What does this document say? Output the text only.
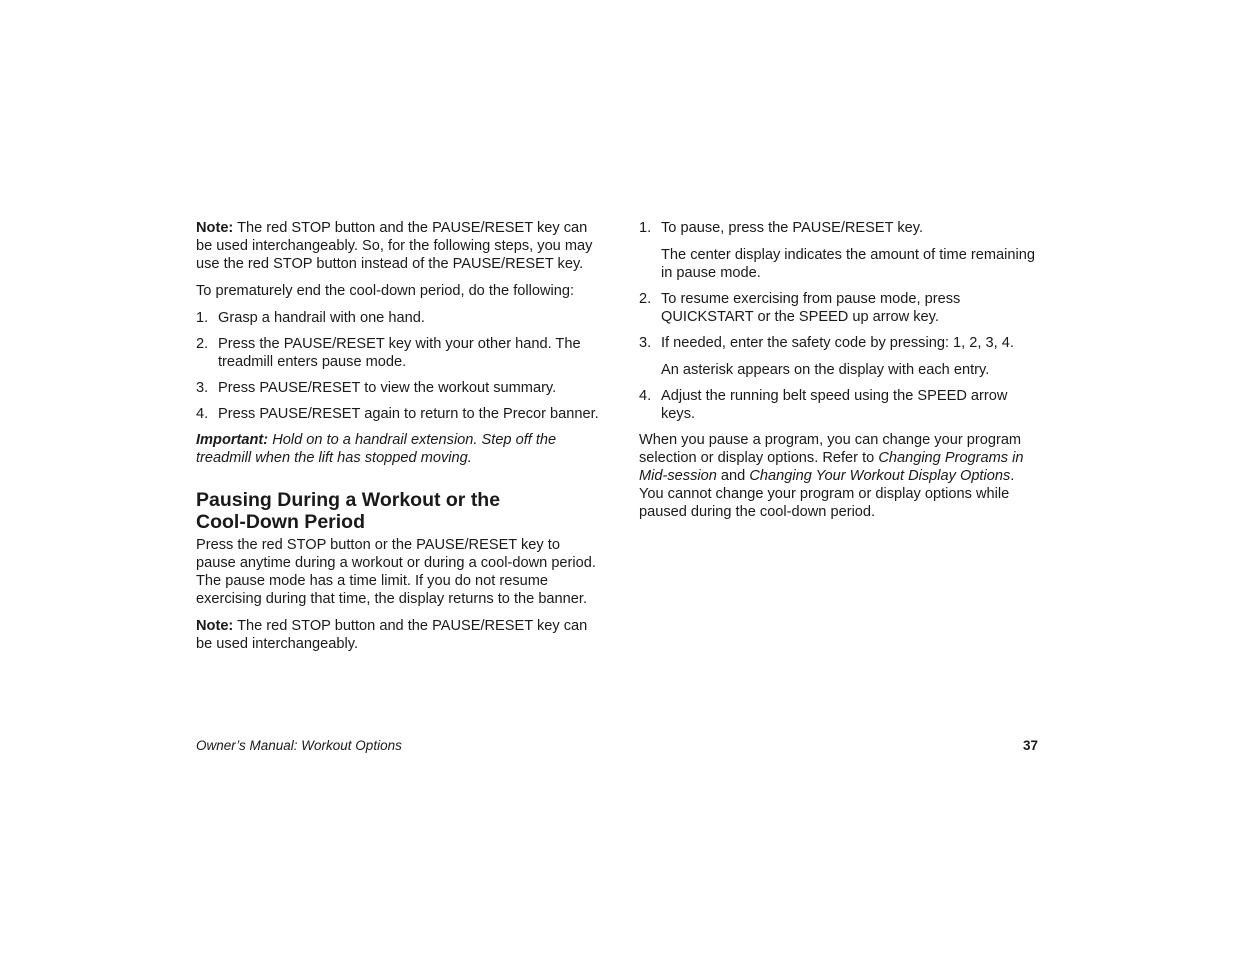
Note: The red STOP button and the PAUSE/RESET key can be used interchangeably. So, for the following steps, you may use the red STOP button instead of the PAUSE/RESET key.

To prematurely end the cool-down period, do the following:

1. Grasp a handrail with one hand.
2. Press the PAUSE/RESET key with your other hand. The treadmill enters pause mode.
3. Press PAUSE/RESET to view the workout summary.
4. Press PAUSE/RESET again to return to the Precor banner.

Important: Hold on to a handrail extension. Step off the treadmill when the lift has stopped moving.

Pausing During a Workout or the Cool-Down Period

Press the red STOP button or the PAUSE/RESET key to pause anytime during a workout or during a cool-down period. The pause mode has a time limit. If you do not resume exercising during that time, the display returns to the banner.

Note: The red STOP button and the PAUSE/RESET key can be used interchangeably.

1. To pause, press the PAUSE/RESET key.
The center display indicates the amount of time remaining in pause mode.
2. To resume exercising from pause mode, press QUICKSTART or the SPEED up arrow key.
3. If needed, enter the safety code by pressing: 1, 2, 3, 4.
An asterisk appears on the display with each entry.
4. Adjust the running belt speed using the SPEED arrow keys.

When you pause a program, you can change your program selection or display options. Refer to Changing Programs in Mid-session and Changing Your Workout Display Options. You cannot change your program or display options while paused during the cool-down period.

Owner’s Manual: Workout Options	37
